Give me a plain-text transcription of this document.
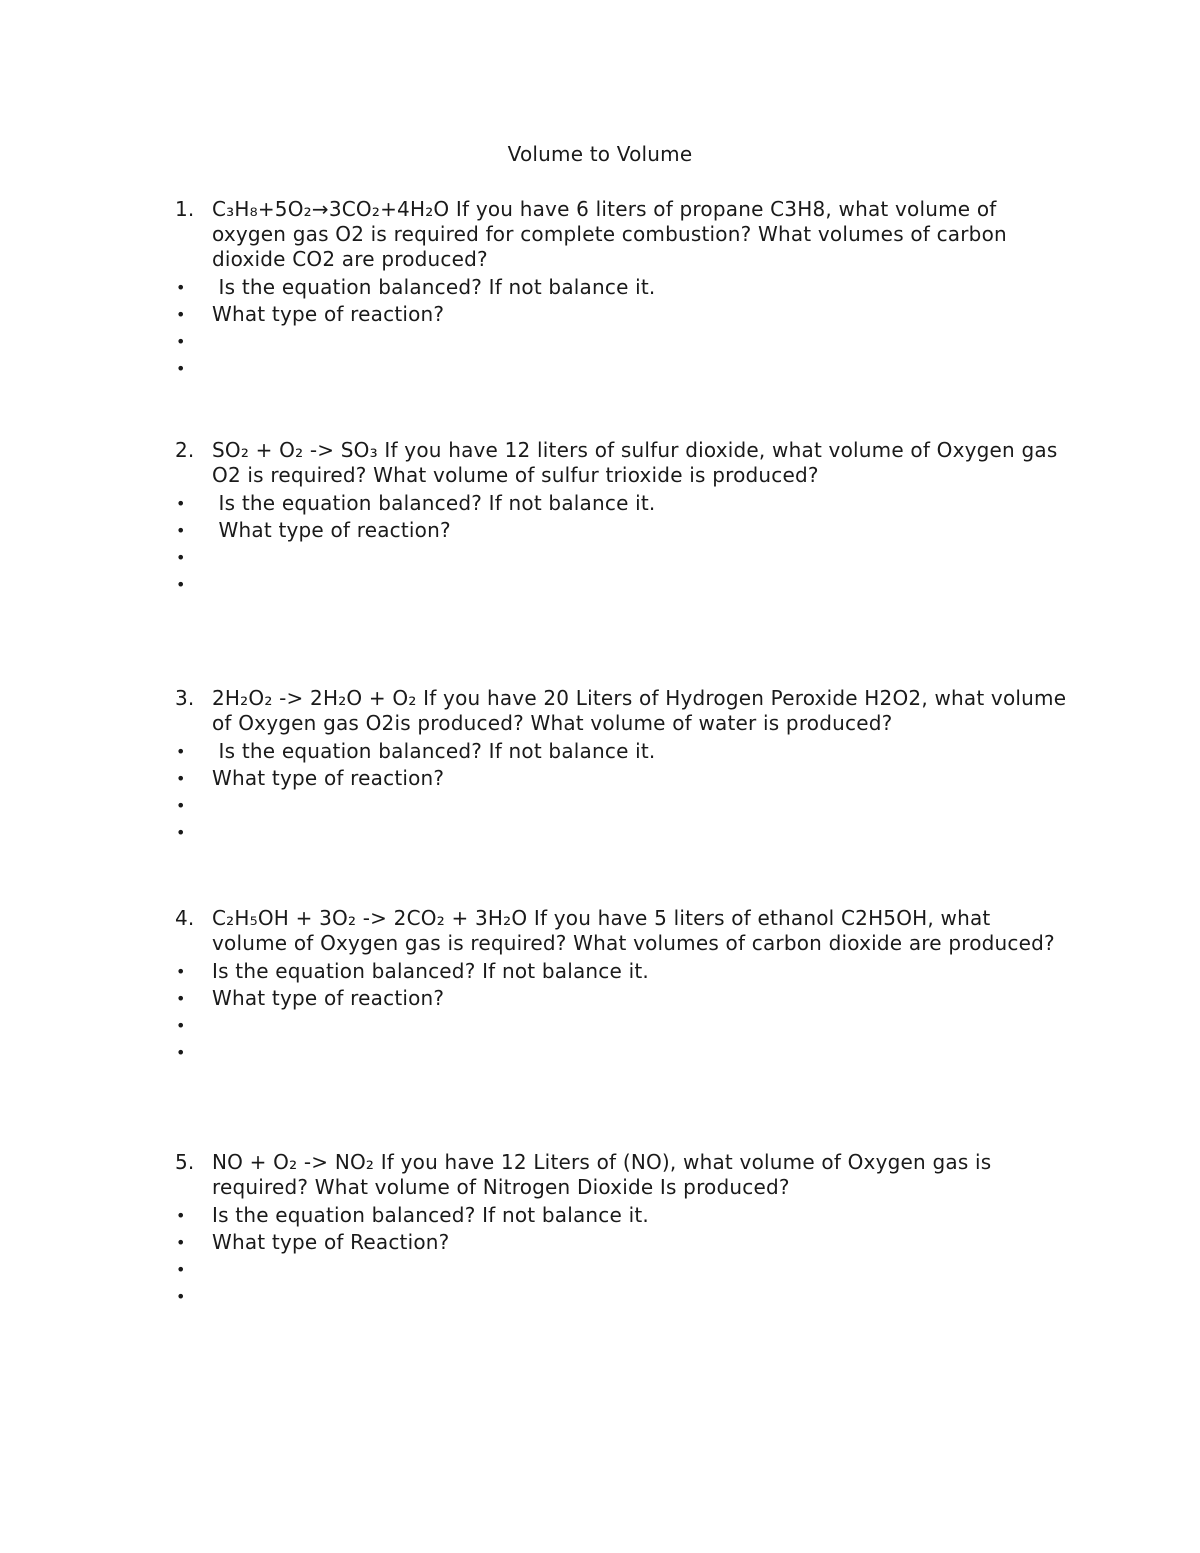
Volume to Volume
1. C₃H₈+5O₂→3CO₂+4H₂O If you have 6 liters of propane C3H8, what volume of oxygen gas O2 is required for complete combustion? What volumes of carbon dioxide CO2 are produced?
• Is the equation balanced? If not balance it.
• What type of reaction?
•
•
2. SO₂ + O₂ -> SO₃ If you have 12 liters of sulfur dioxide, what volume of Oxygen gas O2 is required? What volume of sulfur trioxide is produced?
• Is the equation balanced? If not balance it.
• What type of reaction?
•
•
3. 2H₂O₂ -> 2H₂O + O₂ If you have 20 Liters of Hydrogen Peroxide H2O2, what volume of Oxygen gas O2is produced? What volume of water is produced?
• Is the equation balanced? If not balance it.
• What type of reaction?
•
•
4. C₂H₅OH + 3O₂ -> 2CO₂ + 3H₂O If you have 5 liters of ethanol C2H5OH, what volume of Oxygen gas is required? What volumes of carbon dioxide are produced?
• Is the equation balanced? If not balance it.
• What type of reaction?
•
•
5. NO + O₂ -> NO₂ If you have 12 Liters of (NO), what volume of Oxygen gas is required? What volume of Nitrogen Dioxide Is produced?
• Is the equation balanced? If not balance it.
• What type of Reaction?
•
•
